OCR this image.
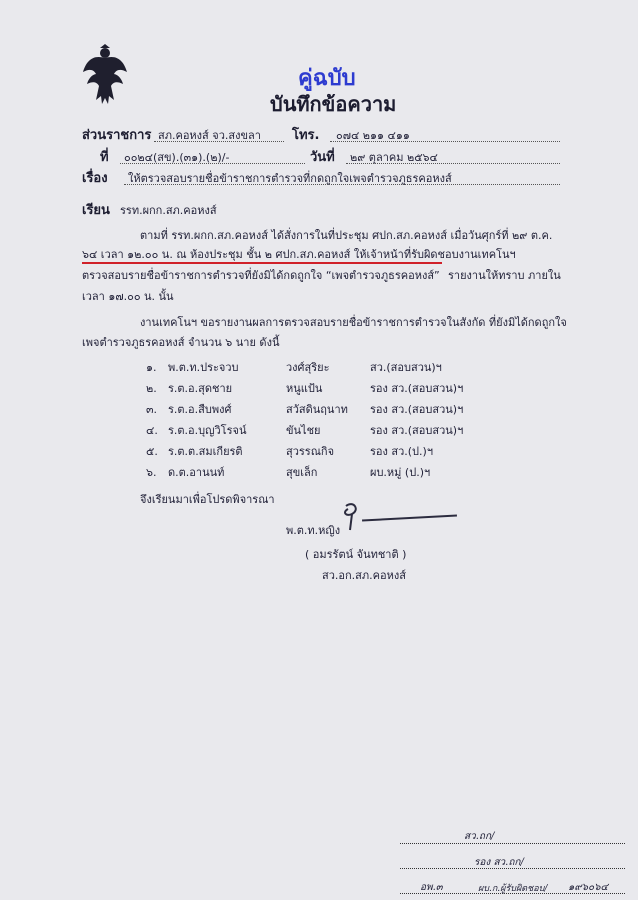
คู่ฉบับ
บันทึกข้อความ
ส่วนราชการ สภ.คอหงส์ จว.สงขลา โทร. ๐๗๔ ๒๑๑ ๔๑๑
ที่ ๐๐๒๔(สข).(๓๑).(๒)/-	วันที่ ๒๙ ตุลาคม ๒๕๖๔
เรื่อง ให้ตรวจสอบรายชื่อข้าราชการตำรวจที่กดถูกใจเพจตำรวจภูธรคอหงส์
เรียน รรท.ผกก.สภ.คอหงส์
ตามที่ รรท.ผกก.สภ.คอหงส์ ได้สั่งการในที่ประชุม ศปก.สภ.คอหงส์ เมื่อวันศุกร์ที่ ๒๙ ต.ค.
๖๔ เวลา ๑๒.๐๐ น. ณ ห้องประชุม ชั้น ๒ ศปก.สภ.คอหงส์ ให้เจ้าหน้าที่รับผิดชอบงานเทคโนฯ
ตรวจสอบรายชื่อข้าราชการตำรวจที่ยังมิได้กดถูกใจ “เพจตำรวจภูธรคอหงส์” รายงานให้ทราบ ภายใน
เวลา ๑๗.๐๐ น. นั้น
งานเทคโนฯ ขอรายงานผลการตรวจสอบรายชื่อข้าราชการตำรวจในสังกัด ที่ยังมิได้กดถูกใจ
เพจตำรวจภูธรคอหงส์ จำนวน ๖ นาย ดังนี้
๑. พ.ต.ท.ประจวบ	วงศ์สุริยะ	สว.(สอบสวน)ฯ
๒. ร.ต.อ.สุดชาย	หนูแป้น	รอง สว.(สอบสวน)ฯ
๓. ร.ต.อ.สืบพงศ์	สวัสดินฤนาท รอง สว.(สอบสวน)ฯ
๔. ร.ต.อ.บุญวิโรจน์	ขันไชย	รอง สว.(สอบสวน)ฯ
๕. ร.ต.ต.สมเกียรติ	สุวรรณกิจ	รอง สว.(ป.)ฯ
๖. ด.ต.อานนท์	สุขเล็ก	ผบ.หมู่ (ป.)ฯ
จึงเรียนมาเพื่อโปรดพิจารณา
พ.ต.ท.หญิง
( อมรรัตน์ จันทชาติ )
สว.อก.สภ.คอหงส์
สว.ถก/
รอง สว.ถก/
อพ.๓	ผบ.ก.ผู้รับผิดชอบ/ ๑๙๖๐๖๔
